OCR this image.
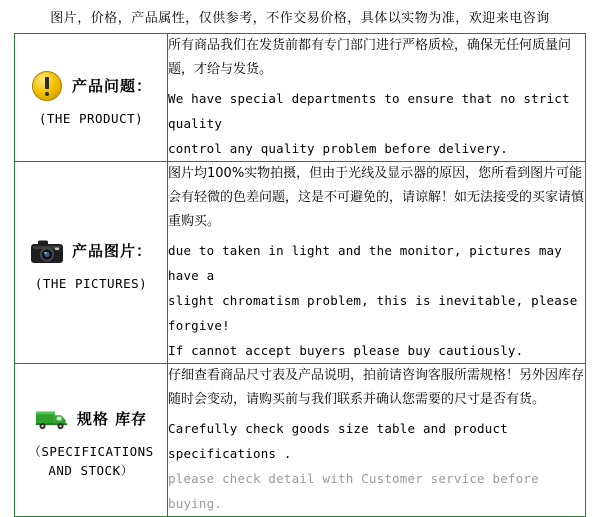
图片，价格，产品属性，仅供参考，不作交易价格，具体以实物为准，欢迎来电咨询
产品问题：
(THE PRODUCT)

所有商品我们在发货前都有专门部门进行严格质检，确保无任何质量问题，才给与发货。
We have special departments to ensure that no strict quality
control any quality problem before delivery.

产品图片：
(THE PICTURES)

图片均100%实物拍摄，但由于光线及显示器的原因，您所看到图片可能会有轻微的色差问题，这是不可避免的，请谅解！如无法接受的买家请慎重购买。
due to taken in light and the monitor, pictures may have a
slight chromatism problem, this is inevitable, please forgive!
If cannot accept buyers please buy cautiously.

规格 库存
（SPECIFICATIONS
AND STOCK）

仔细查看商品尺寸表及产品说明，拍前请咨询客服所需规格！另外因库存随时会变动，请购买前与我们联系并确认您需要的尺寸是否有货。
Carefully check goods size table and product specifications .
please check detail with Customer service before buying.
